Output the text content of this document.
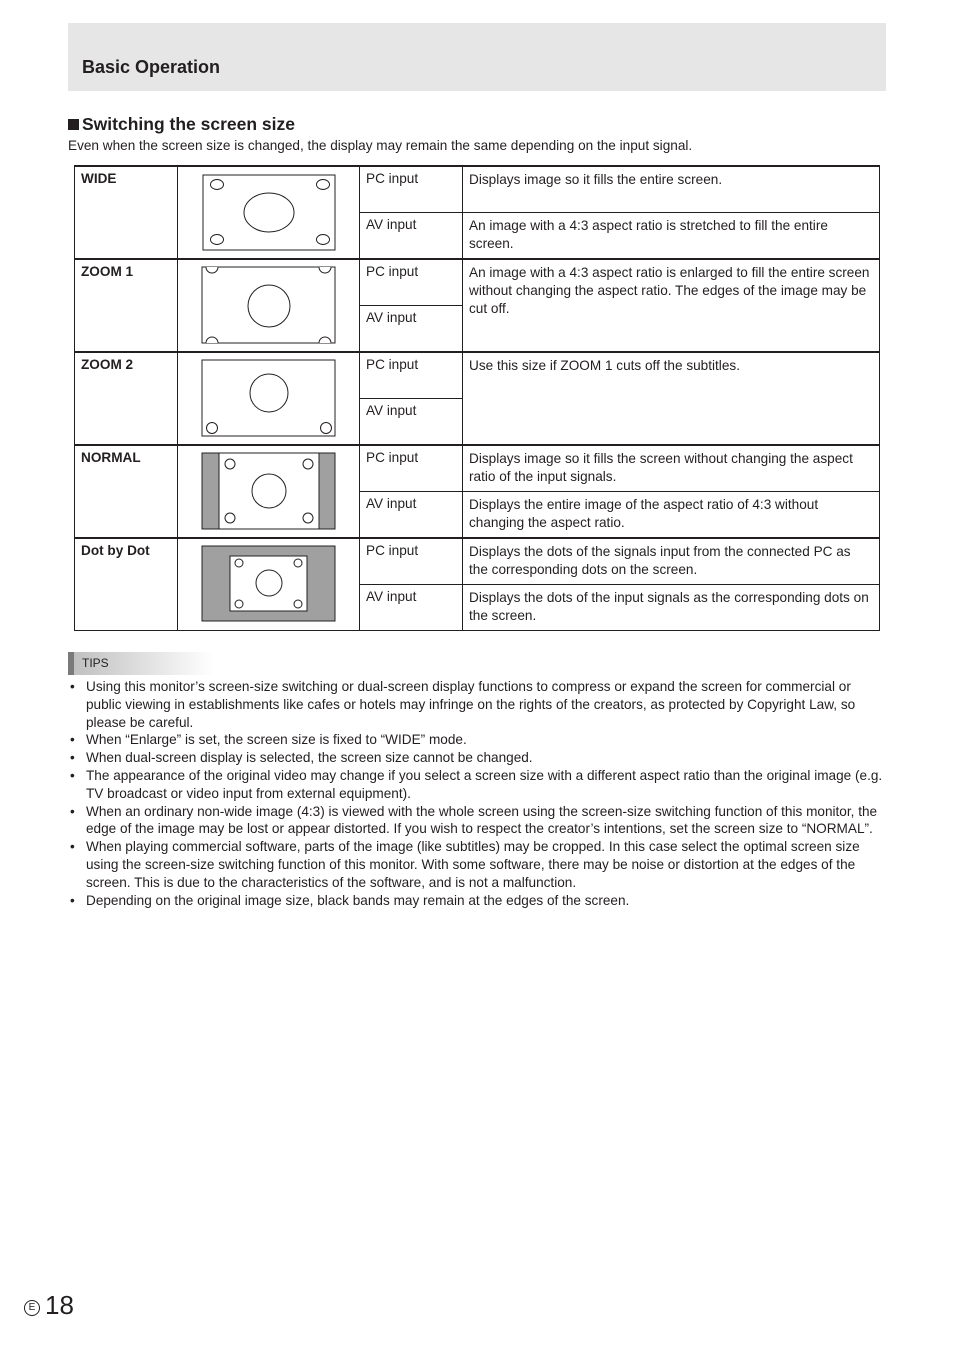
Basic Operation
Switching the screen size
Even when the screen size is changed, the display may remain the same depending on the input signal.
WIDE		PC input	Displays image so it fills the entire screen.
		AV input	An image with a 4:3 aspect ratio is stretched to fill the entire screen.
ZOOM 1		PC input	An image with a 4:3 aspect ratio is enlarged to fill the entire screen without changing the aspect ratio. The edges of the image may be cut off.
		AV input	
ZOOM 2		PC input	Use this size if ZOOM 1 cuts off the subtitles.
		AV input	
NORMAL		PC input	Displays image so it fills the screen without changing the aspect ratio of the input signals.
		AV input	Displays the entire image of the aspect ratio of 4:3 without changing the aspect ratio.
Dot by Dot		PC input	Displays the dots of the signals input from the connected PC as the corresponding dots on the screen.
		AV input	Displays the dots of the input signals as the corresponding dots on the screen.
TIPS
• Using this monitor’s screen-size switching or dual-screen display functions to compress or expand the screen for commercial or public viewing in establishments like cafes or hotels may infringe on the rights of the creators, as protected by Copyright Law, so please be careful.
• When “Enlarge” is set, the screen size is fixed to “WIDE” mode.
• When dual-screen display is selected, the screen size cannot be changed.
• The appearance of the original video may change if you select a screen size with a different aspect ratio than the original image (e.g. TV broadcast or video input from external equipment).
• When an ordinary non-wide image (4:3) is viewed with the whole screen using the screen-size switching function of this monitor, the edge of the image may be lost or appear distorted. If you wish to respect the creator’s intentions, set the screen size to “NORMAL”.
• When playing commercial software, parts of the image (like subtitles) may be cropped. In this case select the optimal screen size using the screen-size switching function of this monitor. With some software, there may be noise or distortion at the edges of the screen. This is due to the characteristics of the software, and is not a malfunction.
• Depending on the original image size, black bands may remain at the edges of the screen.
E 18
